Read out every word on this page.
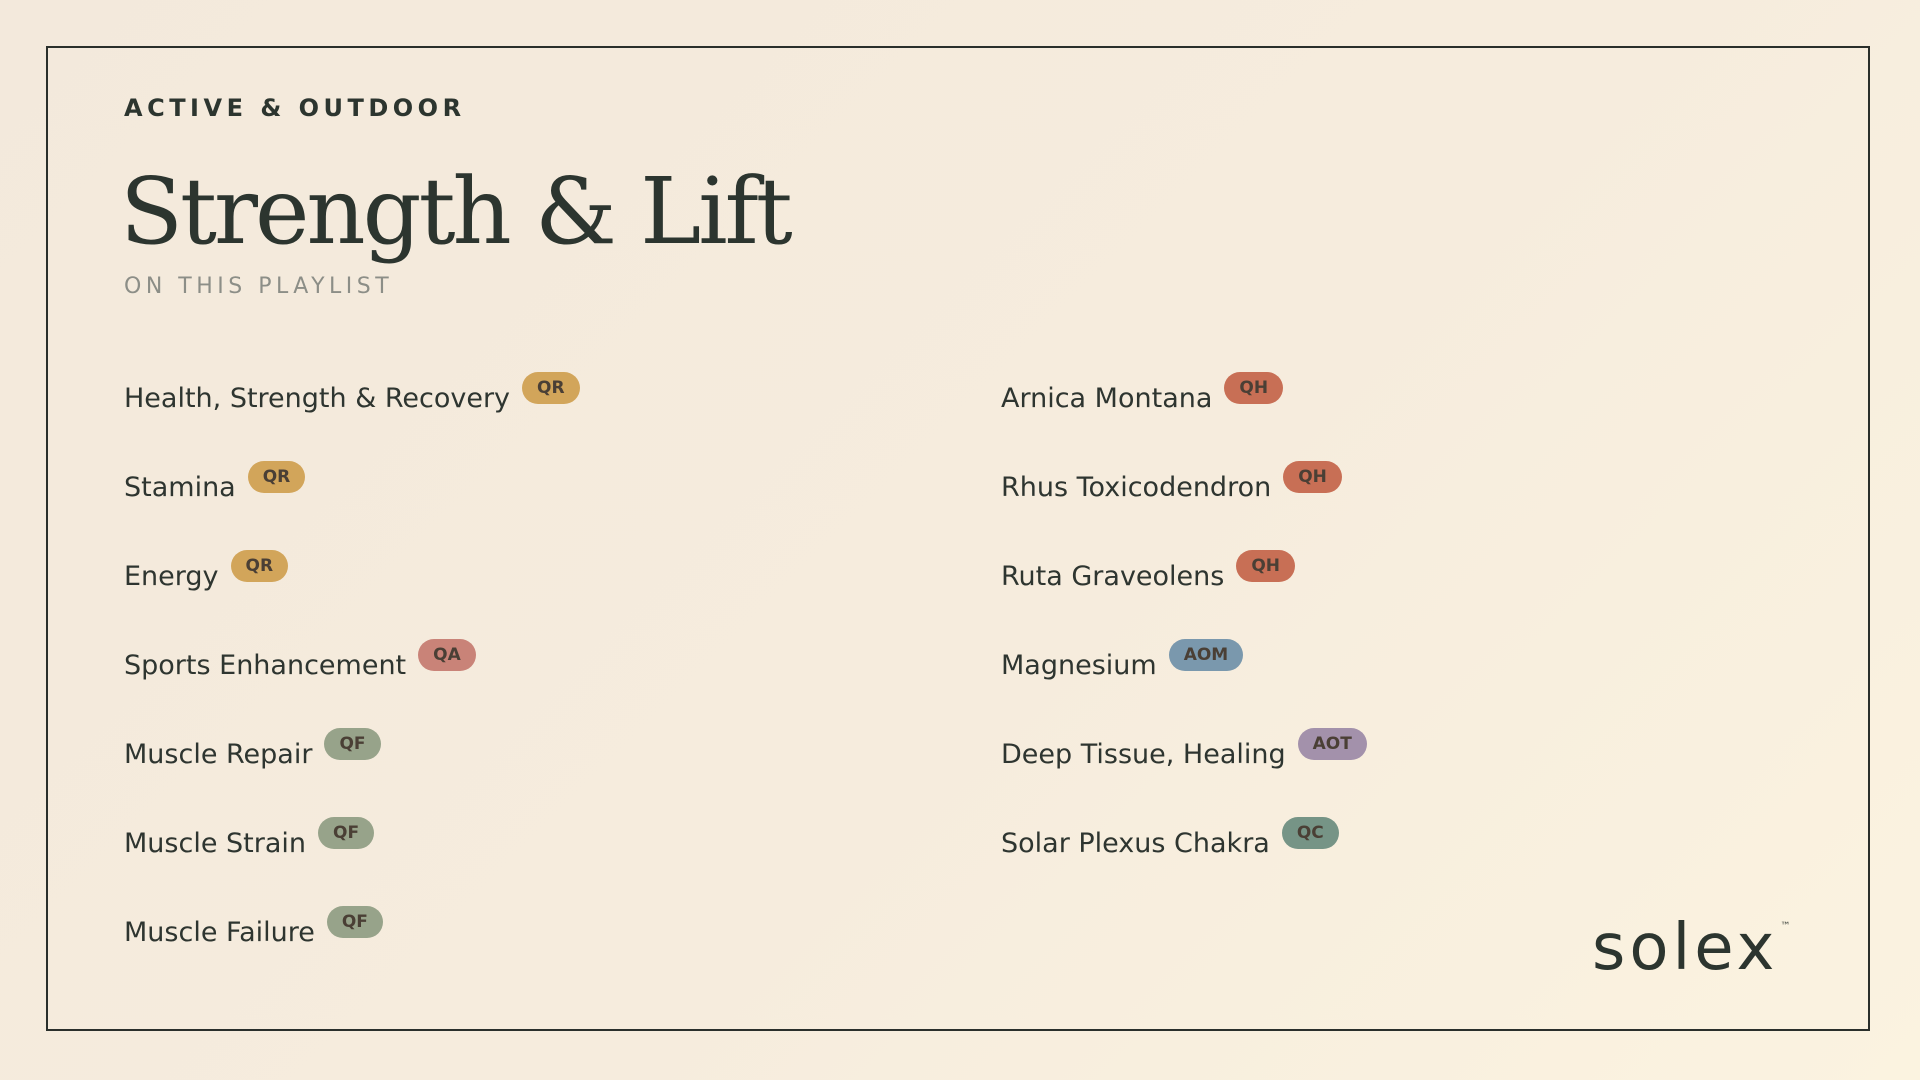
ACTIVE & OUTDOOR
Strength & Lift
ON THIS PLAYLIST
Health, Strength & Recovery	QR
Stamina	QR
Energy	QR
Sports Enhancement	QA
Muscle Repair	QF
Muscle Strain	QF
Muscle Failure	QF
Arnica Montana	QH
Rhus Toxicodendron	QH
Ruta Graveolens	QH
Magnesium	AOM
Deep Tissue, Healing	AOT
Solar Plexus Chakra	QC
solex ™
